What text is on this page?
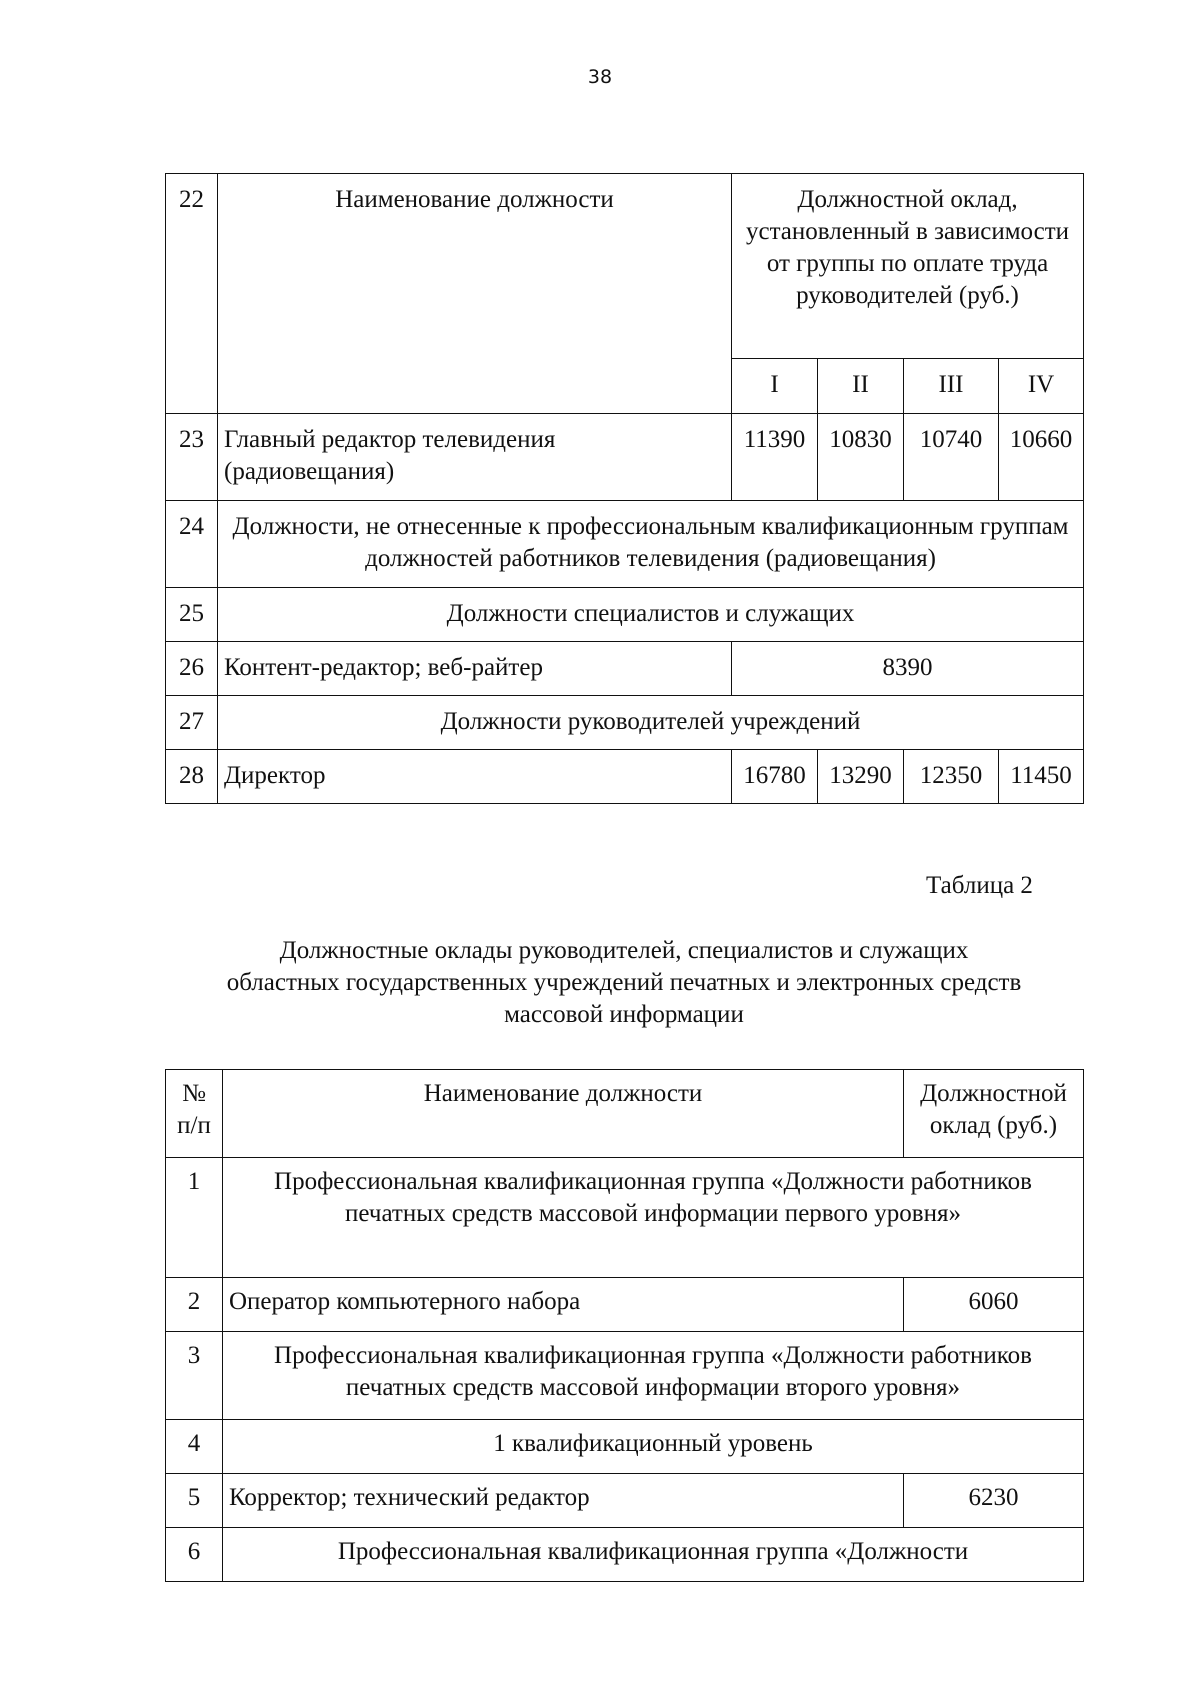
38
22	Наименование должности	Должностной оклад, установленный в зависимости от группы по оплате труда руководителей (руб.)			
		I	II	III	IV
23	Главный редактор телевидения (радиовещания)	11390	10830	10740	10660
24	Должности, не отнесенные к профессиональным квалификационным группам должностей работников телевидения (радиовещания)				
25	Должности специалистов и служащих				
26	Контент-редактор; веб-райтер	8390			
27	Должности руководителей учреждений				
28	Директор	16780	13290	12350	11450
Таблица 2
Должностные оклады руководителей, специалистов и служащих
областных государственных учреждений печатных и электронных средств
массовой информации
№ п/п	Наименование должности	Должностной оклад (руб.)
1	Профессиональная квалификационная группа «Должности работников печатных средств массовой информации первого уровня»	
2	Оператор компьютерного набора	6060
3	Профессиональная квалификационная группа «Должности работников печатных средств массовой информации второго уровня»	
4	1 квалификационный уровень	
5	Корректор; технический редактор	6230
6	Профессиональная квалификационная группа «Должности	
